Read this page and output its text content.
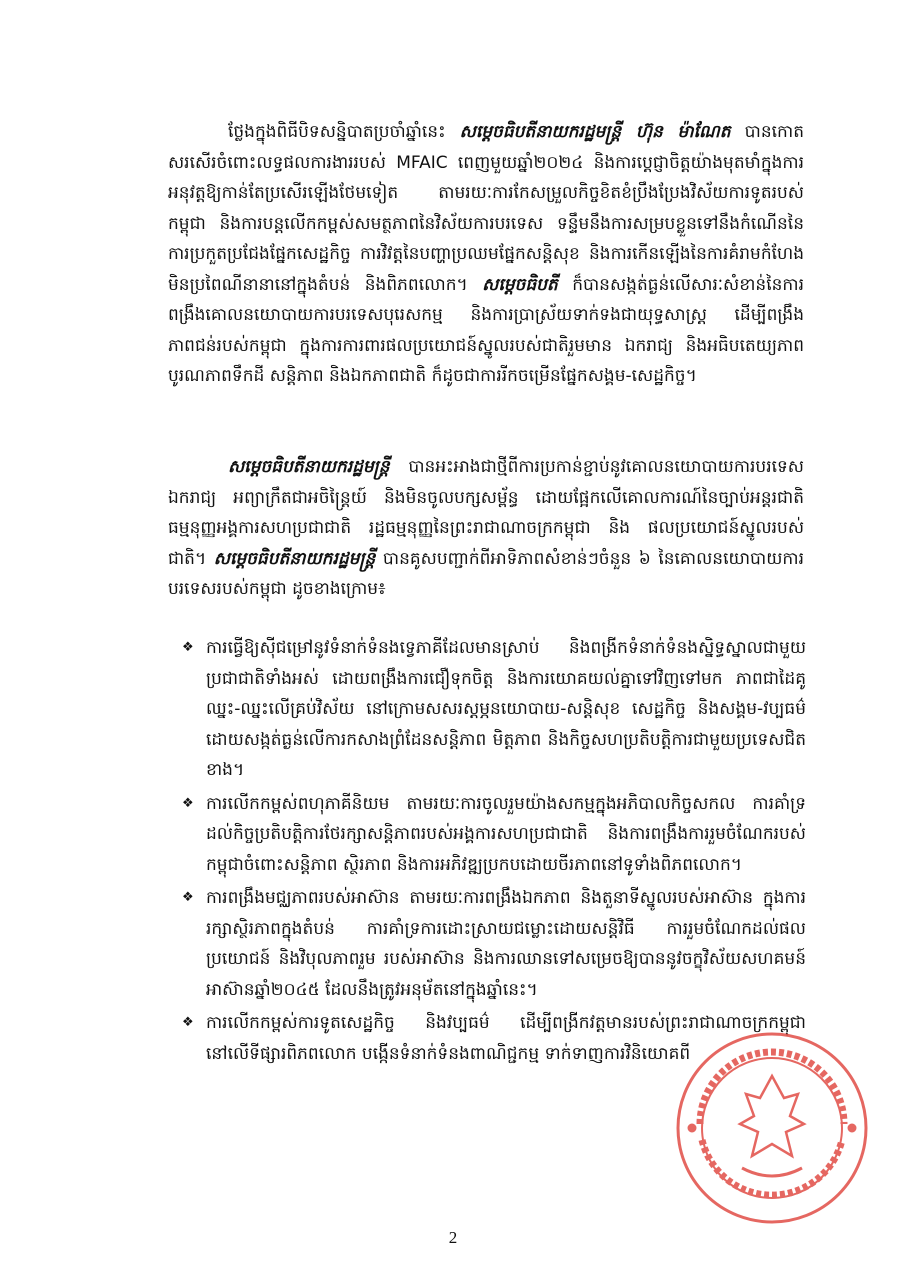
ថ្លែងក្នុងពិធីបិទសន្និបាតប្រចាំឆ្នាំនេះ សម្តេចធិបតីនាយករដ្ឋមន្ត្រី ហ៊ុន ម៉ាណែត បានកោតសរសើរចំពោះលទ្ធផលការងាររបស់ MFAIC ពេញមួយឆ្នាំ២០២៤ និងការប្តេជ្ញាចិត្តយ៉ាងមុតមាំក្នុងការអនុវត្តឱ្យកាន់តែប្រសើរឡើងថែមទៀត តាមរយៈការកែសម្រួលកិច្ចខិតខំប្រឹងប្រែងវិស័យការទូតរបស់កម្ពុជា និងការបន្តលើកកម្ពស់សមត្ថភាពនៃវិស័យការបរទេស ទន្ទឹមនឹងការសម្របខ្លួនទៅនឹងកំណើននៃការប្រកួតប្រជែងផ្នែកសេដ្ឋកិច្ច ការវិវត្តនៃបញ្ហាប្រឈមផ្នែកសន្តិសុខ និងការកើនឡើងនៃការគំរាមកំហែងមិនប្រពៃណីនានានៅក្នុងតំបន់ និងពិភពលោក។ សម្តេចធិបតី ក៏បានសង្កត់ធ្ងន់លើសារៈសំខាន់នៃការពង្រឹងគោលនយោបាយការបរទេសបុរេសកម្ម និងការប្រាស្រ័យទាក់ទងជាយុទ្ធសាស្ត្រ ដើម្បីពង្រឹងភាពជន់របស់កម្ពុជា ក្នុងការការពារផលប្រយោជន៍ស្នូលរបស់ជាតិរួមមាន ឯករាជ្យ និងអធិបតេយ្យភាព បូរណភាពទឹកដី សន្តិភាព និងឯកភាពជាតិ ក៏ដូចជាការរីកចម្រើនផ្នែកសង្គម-សេដ្ឋកិច្ច។

សម្តេចធិបតីនាយករដ្ឋមន្ត្រី បានអះអាងជាថ្មីពីការប្រកាន់ខ្ជាប់នូវគោលនយោបាយការបរទេសឯករាជ្យ អព្យាក្រឹតជាអចិន្ត្រៃយ៍ និងមិនចូលបក្សសម្ព័ន្ធ ដោយផ្អែកលើគោលការណ៍នៃច្បាប់អន្តរជាតិ ធម្មនុញ្ញអង្គការសហប្រជាជាតិ រដ្ឋធម្មនុញ្ញនៃព្រះរាជាណាចក្រកម្ពុជា និង ផលប្រយោជន៍ស្នូលរបស់ជាតិ។ សម្តេចធិបតីនាយករដ្ឋមន្ត្រី បានគូសបញ្ជាក់ពីអាទិភាពសំខាន់ៗចំនួន ៦ នៃគោលនយោបាយការបរទេសរបស់កម្ពុជា ដូចខាងក្រោម៖

❖ ការធ្វើឱ្យស៊ីជម្រៅនូវទំនាក់ទំនងទ្វេភាគីដែលមានស្រាប់ និងពង្រីកទំនាក់ទំនងស្និទ្ធស្នាលជាមួយប្រជាជាតិទាំងអស់ ដោយពង្រឹងការជឿទុកចិត្ត និងការយោគយល់គ្នាទៅវិញទៅមក ភាពជាដៃគូឈ្នះ-ឈ្នះលើគ្រប់វិស័យ នៅក្រោមសសរស្តម្ភនយោបាយ-សន្តិសុខ សេដ្ឋកិច្ច និងសង្គម-វប្បធម៌ ដោយសង្កត់ធ្ងន់លើការកសាងព្រំដែនសន្តិភាព មិត្តភាព និងកិច្ចសហប្រតិបត្តិការជាមួយប្រទេសជិតខាង។
❖ ការលើកកម្ពស់ពហុភាគីនិយម តាមរយៈការចូលរួមយ៉ាងសកម្មក្នុងអភិបាលកិច្ចសកល ការគាំទ្រដល់កិច្ចប្រតិបត្តិការថែរក្សាសន្តិភាពរបស់អង្គការសហប្រជាជាតិ និងការពង្រឹងការរួមចំណែករបស់កម្ពុជាចំពោះសន្តិភាព ស្ថិរភាព និងការអភិវឌ្ឍប្រកបដោយចីរភាពនៅទូទាំងពិភពលោក។
❖ ការពង្រឹងមជ្ឈភាពរបស់អាស៊ាន តាមរយៈការពង្រឹងឯកភាព និងតួនាទីស្នូលរបស់អាស៊ាន ក្នុងការរក្សាស្ថិរភាពក្នុងតំបន់ ការគាំទ្រការដោះស្រាយជម្លោះដោយសន្តិវិធី ការរួមចំណែកដល់ផលប្រយោជន៍ និងវិបុលភាពរួម របស់អាស៊ាន និងការឈានទៅសម្រេចឱ្យបាននូវចក្ខុវិស័យសហគមន៍អាស៊ានឆ្នាំ២០៤៥ ដែលនឹងត្រូវអនុម័តនៅក្នុងឆ្នាំនេះ។
❖ ការលើកកម្ពស់ការទូតសេដ្ឋកិច្ច និងវប្បធម៌ ដើម្បីពង្រីកវត្តមានរបស់ព្រះរាជាណាចក្រកម្ពុជានៅលើទីផ្សារពិភពលោក បង្កើនទំនាក់ទំនងពាណិជ្ជកម្ម ទាក់ទាញការវិនិយោគពី
2
